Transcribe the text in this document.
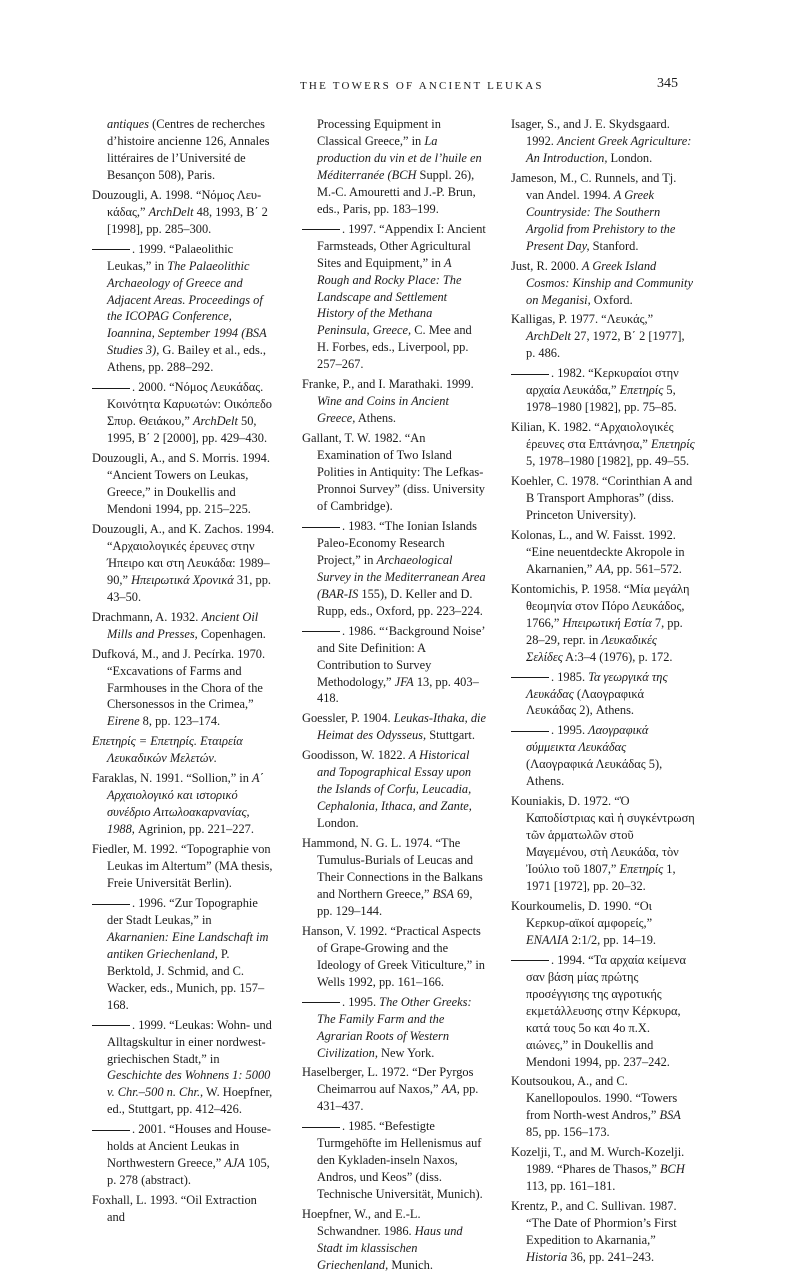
THE TOWERS OF ANCIENT LEUKAS	345

antiques (Centres de recherches d’histoire ancienne 126, Annales littéraires de l’Université de Besançon 508), Paris.

Douzougli, A. 1998. “Νόμος Λευ-κάδας,” ArchDelt 48, 1993, Β΄ 2 [1998], pp. 285–300.

. 1999. “Palaeolithic Leukas,” in The Palaeolithic Archaeology of Greece and Adjacent Areas. Proceedings of the ICOPAG Conference, Ioannina, September 1994 (BSA Studies 3), G. Bailey et al., eds., Athens, pp. 288–292.

. 2000. “Νόμος Λευκάδας. Κοινότητα Καρυωτών: Οικόπεδο Σπυρ. Θειάκου,” ArchDelt 50, 1995, Β΄ 2 [2000], pp. 429–430.

Douzougli, A., and S. Morris. 1994. “Ancient Towers on Leukas, Greece,” in Doukellis and Mendoni 1994, pp. 215–225.

Douzougli, A., and K. Zachos. 1994. “Αρχαιολογικές έρευνες στην Ήπειρο και στη Λευκάδα: 1989–90,” Ηπειρωτικά Χρονικά 31, pp. 43–50.

Drachmann, A. 1932. Ancient Oil Mills and Presses, Copenhagen.

Dufková, M., and J. Pecírka. 1970. “Excavations of Farms and Farmhouses in the Chora of the Chersonessos in the Crimea,” Eirene 8, pp. 123–174.

Επετηρίς = Επετηρίς. Εταιρεία Λευκαδικών Μελετών.

Faraklas, N. 1991. “Sollion,” in Α΄ Αρχαιολογικό και ιστορικό συνέδριο Αιτωλοακαρνανίας, 1988, Agrinion, pp. 221–227.

Fiedler, M. 1992. “Topographie von Leukas im Altertum” (MA thesis, Freie Universität Berlin).

. 1996. “Zur Topographie der Stadt Leukas,” in Akarnanien: Eine Landschaft im antiken Griechenland, P. Berktold, J. Schmid, and C. Wacker, eds., Munich, pp. 157–168.

. 1999. “Leukas: Wohn- und Alltagskultur in einer nordwest-griechischen Stadt,” in Geschichte des Wohnens 1: 5000 v. Chr.–500 n. Chr., W. Hoepfner, ed., Stuttgart, pp. 412–426.

. 2001. “Houses and House-holds at Ancient Leukas in Northwestern Greece,” AJA 105, p. 278 (abstract).

Foxhall, L. 1993. “Oil Extraction and

Processing Equipment in Classical Greece,” in La production du vin et de l’huile en Méditerranée (BCH Suppl. 26), M.-C. Amouretti and J.-P. Brun, eds., Paris, pp. 183–199.

. 1997. “Appendix I: Ancient Farmsteads, Other Agricultural Sites and Equipment,” in A Rough and Rocky Place: The Landscape and Settlement History of the Methana Peninsula, Greece, C. Mee and H. Forbes, eds., Liverpool, pp. 257–267.

Franke, P., and I. Marathaki. 1999. Wine and Coins in Ancient Greece, Athens.

Gallant, T. W. 1982. “An Examination of Two Island Polities in Antiquity: The Lefkas-Pronnoi Survey” (diss. University of Cambridge).

. 1983. “The Ionian Islands Paleo-Economy Research Project,” in Archaeological Survey in the Mediterranean Area (BAR-IS 155), D. Keller and D. Rupp, eds., Oxford, pp. 223–224.

. 1986. “‘Background Noise’ and Site Definition: A Contribution to Survey Methodology,” JFA 13, pp. 403–418.

Goessler, P. 1904. Leukas-Ithaka, die Heimat des Odysseus, Stuttgart.

Goodisson, W. 1822. A Historical and Topographical Essay upon the Islands of Corfu, Leucadia, Cephalonia, Ithaca, and Zante, London.

Hammond, N. G. L. 1974. “The Tumulus-Burials of Leucas and Their Connections in the Balkans and Northern Greece,” BSA 69, pp. 129–144.

Hanson, V. 1992. “Practical Aspects of Grape-Growing and the Ideology of Greek Viticulture,” in Wells 1992, pp. 161–166.

. 1995. The Other Greeks: The Family Farm and the Agrarian Roots of Western Civilization, New York.

Haselberger, L. 1972. “Der Pyrgos Cheimarrou auf Naxos,” AA, pp. 431–437.

. 1985. “Befestigte Turmgehöfte im Hellenismus auf den Kykladen-inseln Naxos, Andros, und Keos” (diss. Technische Universität, Munich).

Hoepfner, W., and E.-L. Schwandner. 1986. Haus und Stadt im klassischen Griechenland, Munich.

Isager, S., and J. E. Skydsgaard. 1992. Ancient Greek Agriculture: An Introduction, London.

Jameson, M., C. Runnels, and Tj. van Andel. 1994. A Greek Countryside: The Southern Argolid from Prehistory to the Present Day, Stanford.

Just, R. 2000. A Greek Island Cosmos: Kinship and Community on Meganisi, Oxford.

Kalligas, P. 1977. “Λευκάς,” ArchDelt 27, 1972, Β΄ 2 [1977], p. 486.

. 1982. “Κερκυραίοι στην αρχαία Λευκάδα,” Επετηρίς 5, 1978–1980 [1982], pp. 75–85.

Kilian, K. 1982. “Αρχαιολογικές έρευνες στα Επτάνησα,” Επετηρίς 5, 1978–1980 [1982], pp. 49–55.

Koehler, C. 1978. “Corinthian A and B Transport Amphoras” (diss. Princeton University).

Kolonas, L., and W. Faisst. 1992. “Eine neuentdeckte Akropole in Akarnanien,” AA, pp. 561–572.

Kontomichis, P. 1958. “Μία μεγάλη θεομηνία στον Πόρο Λευκάδος, 1766,” Ηπειρωτική Εστία 7, pp. 28–29, repr. in Λευκαδικές Σελίδες Α:3–4 (1976), p. 172.

. 1985. Τα γεωργικά της Λευκάδας (Λαογραφικά Λευκάδας 2), Athens.

. 1995. Λαογραφικά σύμμεικτα Λευκάδας (Λαογραφικά Λευκάδας 5), Athens.

Kouniakis, D. 1972. “Ὁ Καποδίστριας καὶ ἡ συγκέντρωση τῶν ἁρματωλῶν στοῦ Μαγεμένου, στὴ Λευκάδα, τὸν Ἰούλιο τοῦ 1807,” Επετηρίς 1, 1971 [1972], pp. 20–32.

Kourkoumelis, D. 1990. “Οι Κερκυρ-αϊκοί αμφορείς,” ΕΝΑΛΙΑ 2:1/2, pp. 14–19.

. 1994. “Τα αρχαία κείμενα σαν βάση μίας πρώτης προσέγγισης της αγροτικής εκμετάλλευσης στην Κέρκυρα, κατά τους 5ο και 4ο π.Χ. αιώνες,” in Doukellis and Mendoni 1994, pp. 237–242.

Koutsoukou, A., and C. Kanellopoulos. 1990. “Towers from North-west Andros,” BSA 85, pp. 156–173.

Kozelji, T., and M. Wurch-Kozelji. 1989. “Phares de Thasos,” BCH 113, pp. 161–181.

Krentz, P., and C. Sullivan. 1987. “The Date of Phormion’s First Expedition to Akarnania,” Historia 36, pp. 241–243.
